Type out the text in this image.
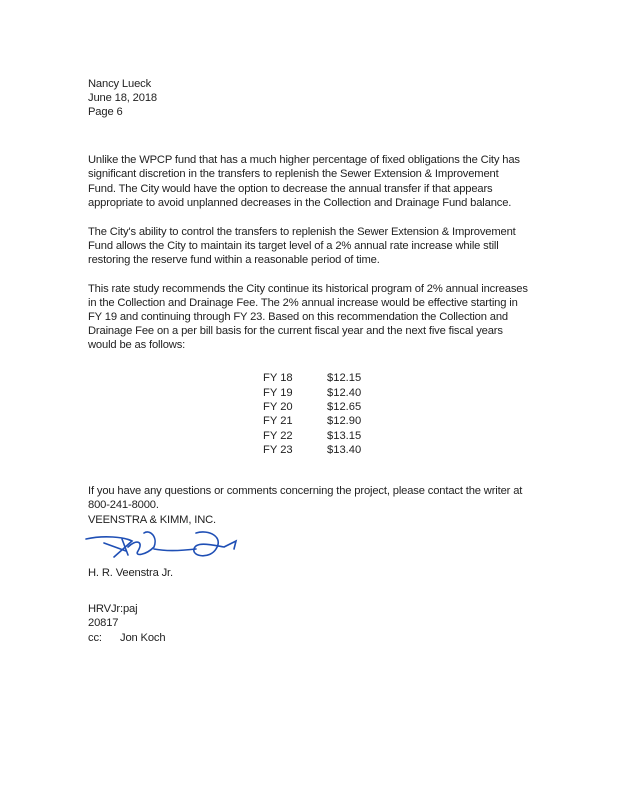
Nancy Lueck
June 18, 2018
Page 6
Unlike the WPCP fund that has a much higher percentage of fixed obligations the City has
significant discretion in the transfers to replenish the Sewer Extension & Improvement
Fund. The City would have the option to decrease the annual transfer if that appears
appropriate to avoid unplanned decreases in the Collection and Drainage Fund balance.
The City's ability to control the transfers to replenish the Sewer Extension & Improvement
Fund allows the City to maintain its target level of a 2% annual rate increase while still
restoring the reserve fund within a reasonable period of time.
This rate study recommends the City continue its historical program of 2% annual increases
in the Collection and Drainage Fee. The 2% annual increase would be effective starting in
FY 19 and continuing through FY 23. Based on this recommendation the Collection and
Drainage Fee on a per bill basis for the current fiscal year and the next five fiscal years
would be as follows:
FY 18	$12.15
FY 19	$12.40
FY 20	$12.65
FY 21	$12.90
FY 22	$13.15
FY 23	$13.40
If you have any questions or comments concerning the project, please contact the writer at
800-241-8000.
VEENSTRA & KIMM, INC.
H. R. Veenstra Jr.
HRVJr:paj
20817
cc: Jon Koch
